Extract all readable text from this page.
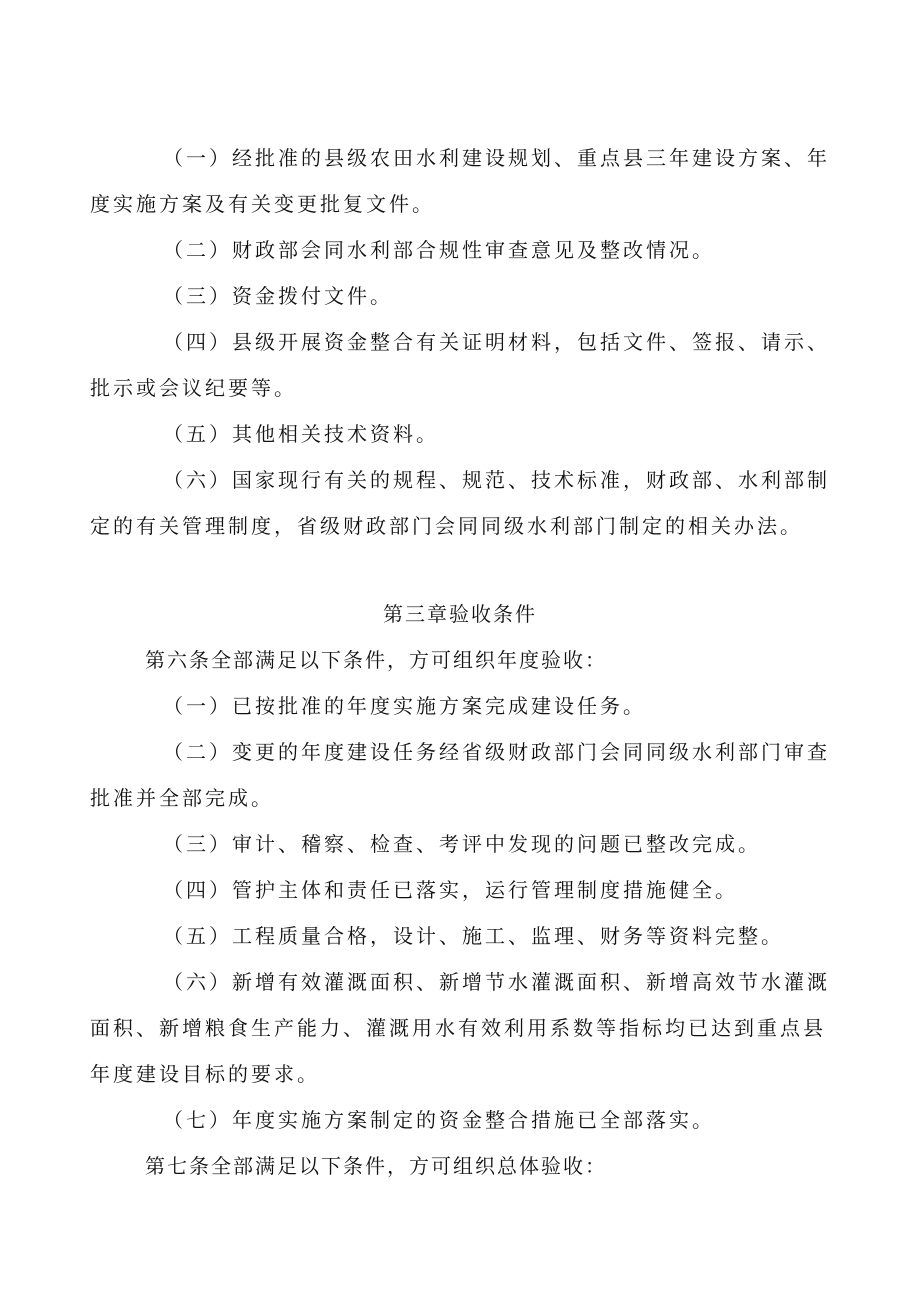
（一）经批准的县级农田水利建设规划、重点县三年建设方案、年
度实施方案及有关变更批复文件。
（二）财政部会同水利部合规性审查意见及整改情况。
（三）资金拨付文件。
（四）县级开展资金整合有关证明材料，包括文件、签报、请示、
批示或会议纪要等。
（五）其他相关技术资料。
（六）国家现行有关的规程、规范、技术标准，财政部、水利部制
定的有关管理制度，省级财政部门会同同级水利部门制定的相关办法。
第三章验收条件
第六条全部满足以下条件，方可组织年度验收：
（一）已按批准的年度实施方案完成建设任务。
（二）变更的年度建设任务经省级财政部门会同同级水利部门审查
批准并全部完成。
（三）审计、稽察、检查、考评中发现的问题已整改完成。
（四）管护主体和责任已落实，运行管理制度措施健全。
（五）工程质量合格，设计、施工、监理、财务等资料完整。
（六）新增有效灌溉面积、新增节水灌溉面积、新增高效节水灌溉
面积、新增粮食生产能力、灌溉用水有效利用系数等指标均已达到重点县
年度建设目标的要求。
（七）年度实施方案制定的资金整合措施已全部落实。
第七条全部满足以下条件，方可组织总体验收：
